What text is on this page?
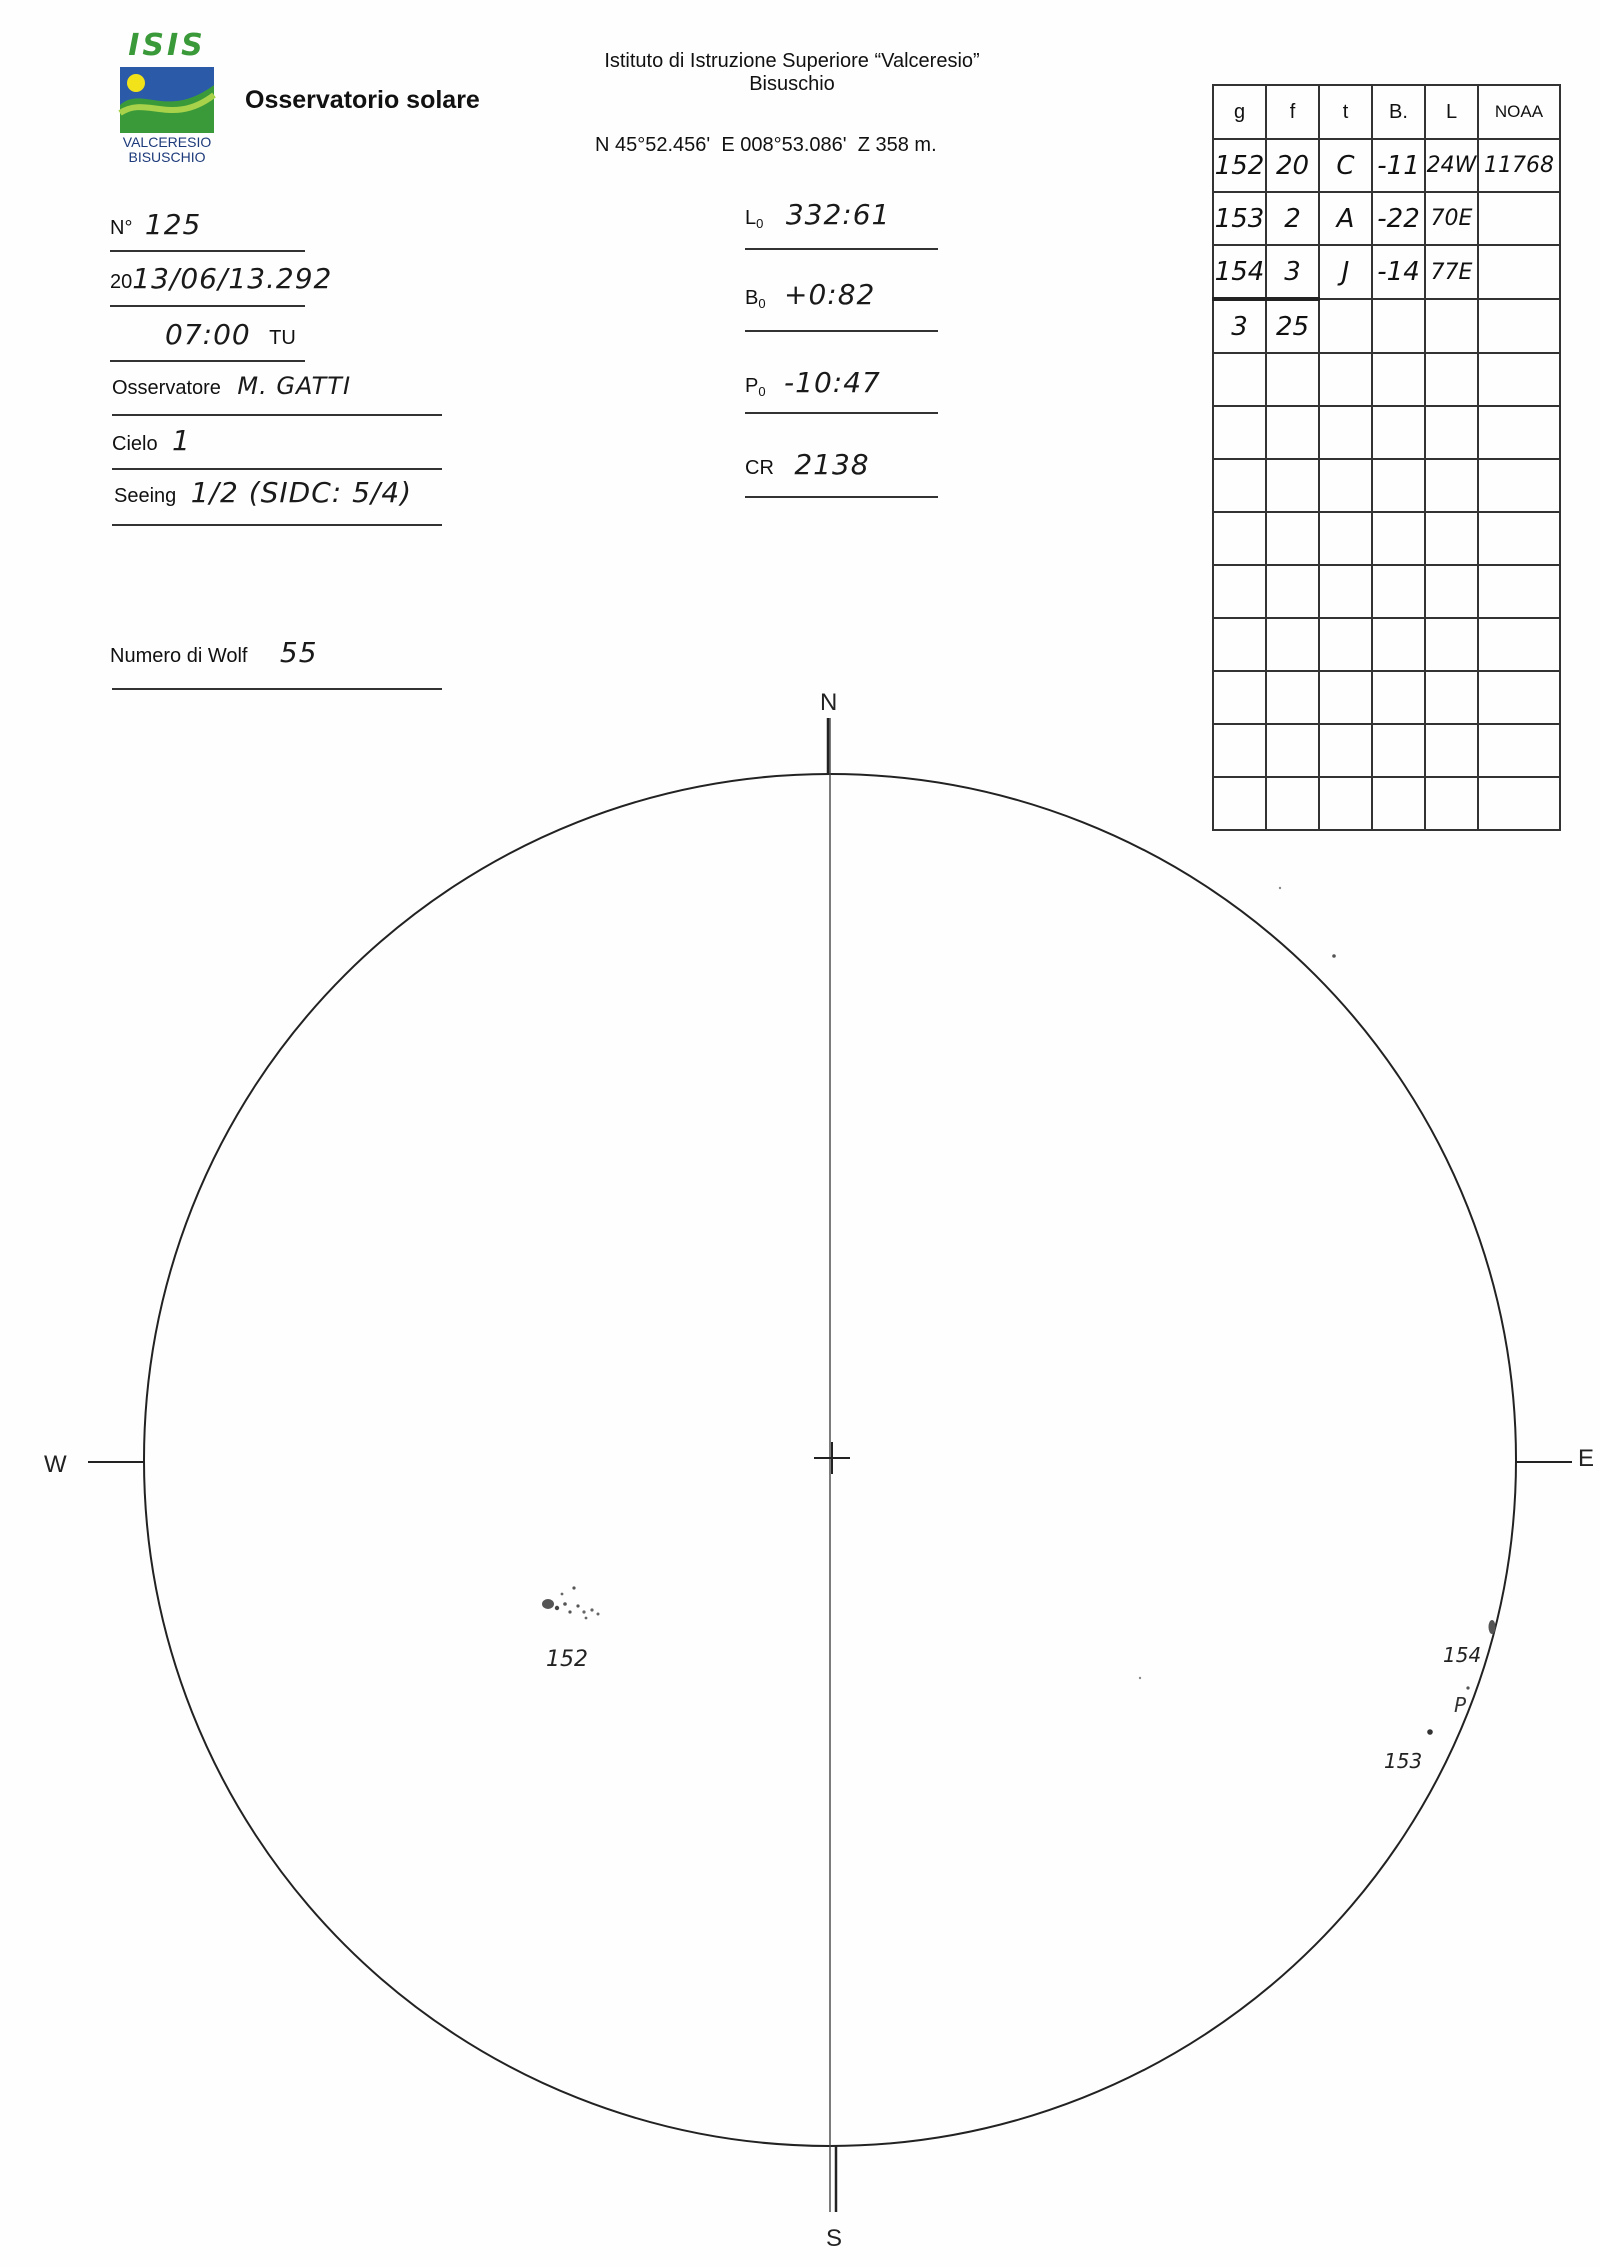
ISIS
VALCERESIO
BISUSCHIO
Osservatorio solare
Istituto di Istruzione Superiore “Valceresio”
Bisuschio
N 45°52.456'  E 008°53.086'  Z 358 m.
N° 125
2013/06/13.292
07:00 TU
Osservatore M. GATTI
Cielo 1
Seeing 1/2 (SIDC: 5/4)
Numero di Wolf 55
$L_0$ 332:61
$B_0$ +0:82
$P_0$ -10:47
CR 2138
g	f	t	B.	L	NOAA
152	20	C	-11	24W	11768
153	2	A	-22	70E	
154	3	J	-14	77E	
3	25				

152	154
P
153
N
S
W	E
